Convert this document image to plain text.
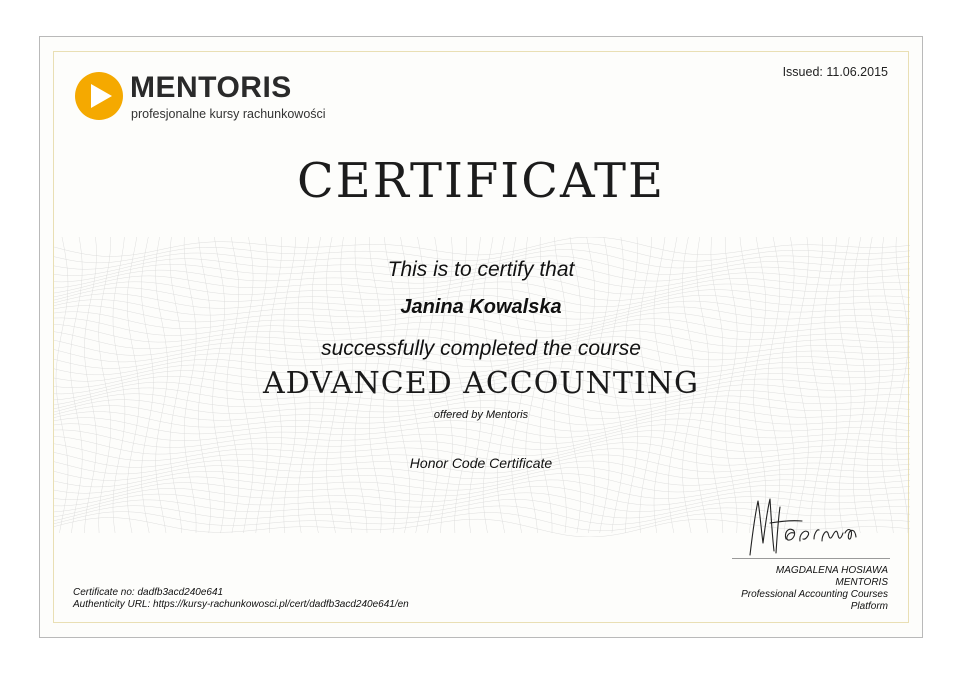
MENTORIS
profesjonalne kursy rachunkowości
Issued: 11.06.2015
CERTIFICATE
This is to certify that
Janina Kowalska
successfully completed the course
ADVANCED ACCOUNTING
offered by Mentoris
Honor Code Certificate
MAGDALENA HOSIAWA
MENTORIS
Professional Accounting Courses
Platform
Certificate no: dadfb3acd240e641
Authenticity URL: https://kursy-rachunkowosci.pl/cert/dadfb3acd240e641/en
